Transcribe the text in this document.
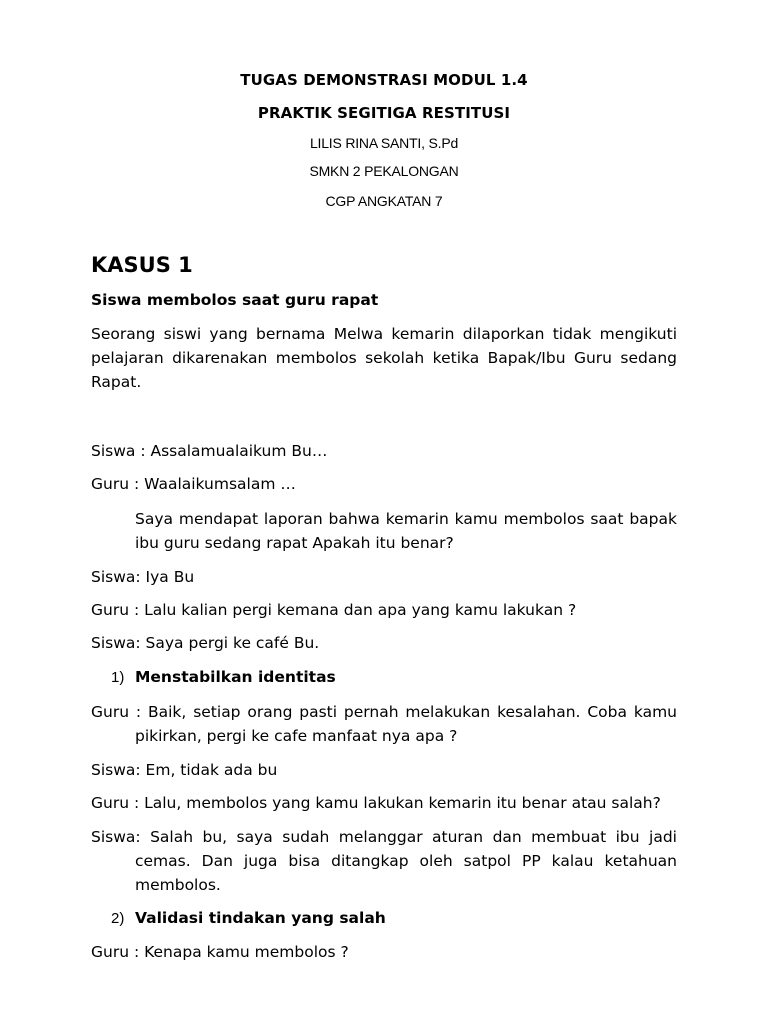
TUGAS DEMONSTRASI MODUL 1.4
PRAKTIK SEGITIGA RESTITUSI
LILIS RINA SANTI, S.Pd
SMKN 2 PEKALONGAN
CGP ANGKATAN 7
KASUS 1
Siswa membolos saat guru rapat
Seorang siswi yang bernama Melwa kemarin dilaporkan tidak mengikuti pelajaran dikarenakan membolos sekolah ketika Bapak/Ibu Guru sedang Rapat.
Siswa : Assalamualaikum Bu…
Guru : Waalaikumsalam …
Saya mendapat laporan bahwa kemarin kamu membolos saat bapak ibu guru sedang rapat Apakah itu benar?
Siswa: Iya Bu
Guru : Lalu kalian pergi kemana dan apa yang kamu lakukan ?
Siswa: Saya pergi ke café Bu.
1) Menstabilkan identitas
Guru : Baik, setiap orang pasti pernah melakukan kesalahan. Coba kamu pikirkan, pergi ke cafe manfaat nya apa ?
Siswa: Em, tidak ada bu
Guru : Lalu, membolos yang kamu lakukan kemarin itu benar atau salah?
Siswa: Salah bu, saya sudah melanggar aturan dan membuat ibu jadi cemas. Dan juga bisa ditangkap oleh satpol PP kalau ketahuan membolos.
2) Validasi tindakan yang salah
Guru : Kenapa kamu membolos ?
